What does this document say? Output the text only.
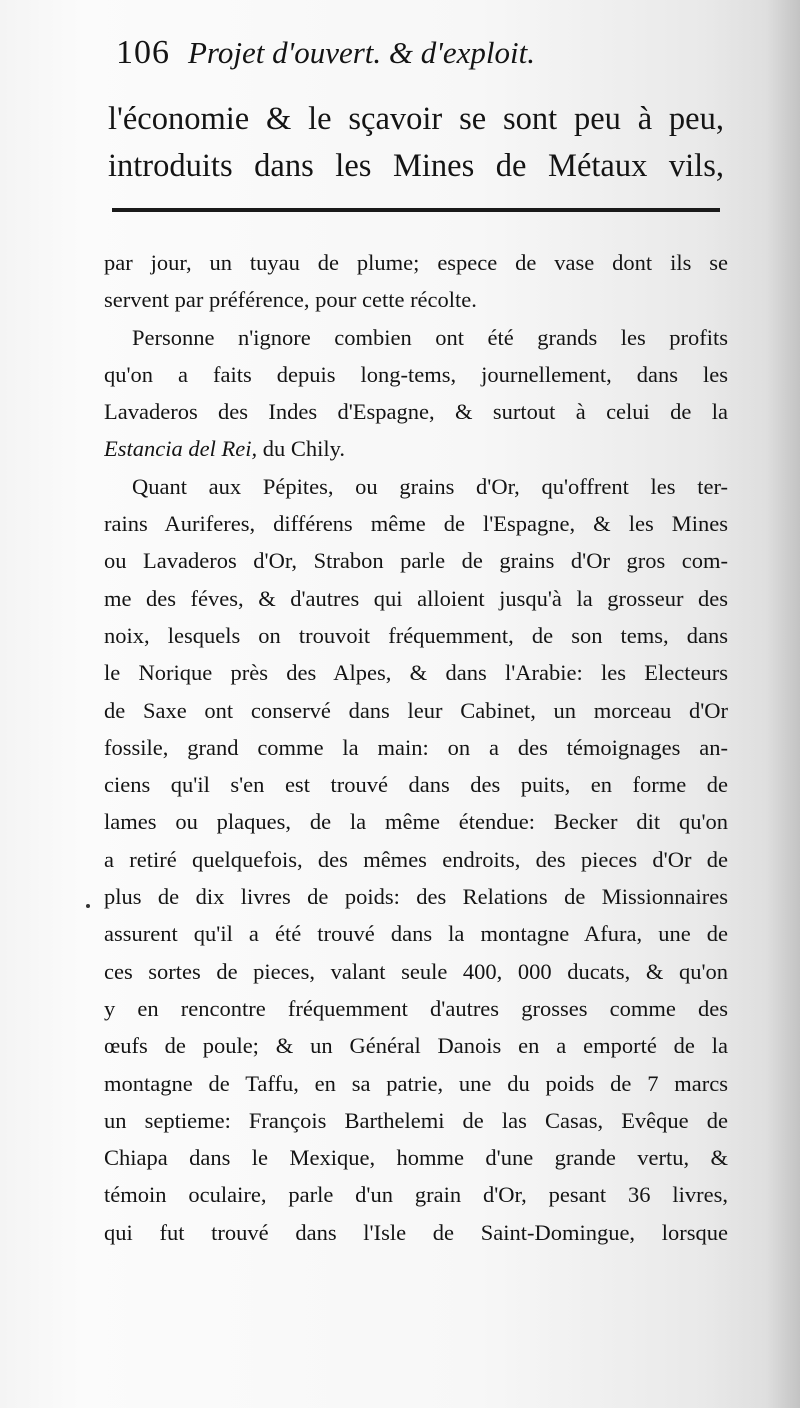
106 Projet d'ouvert. & d'exploit.
l'économie & le sçavoir se sont peu à peu,
introduits dans les Mines de Métaux vils,
par jour, un tuyau de plume; espece de vase dont ils se
servent par préférence, pour cette récolte.
Personne n'ignore combien ont été grands les profits
qu'on a faits depuis long-tems, journellement, dans les
Lavaderos des Indes d'Espagne, & surtout à celui de la
Estancia del Rei, du Chily.
Quant aux Pépites, ou grains d'Or, qu'offrent les ter-
rains Auriferes, différens même de l'Espagne, & les Mines
ou Lavaderos d'Or, Strabon parle de grains d'Or gros com-
me des féves, & d'autres qui alloient jusqu'à la grosseur des
noix, lesquels on trouvoit fréquemment, de son tems, dans
le Norique près des Alpes, & dans l'Arabie: les Electeurs
de Saxe ont conservé dans leur Cabinet, un morceau d'Or
fossile, grand comme la main: on a des témoignages an-
ciens qu'il s'en est trouvé dans des puits, en forme de
lames ou plaques, de la même étendue: Becker dit qu'on
a retiré quelquefois, des mêmes endroits, des pieces d'Or de
plus de dix livres de poids: des Relations de Missionnaires
assurent qu'il a été trouvé dans la montagne Afura, une de
ces sortes de pieces, valant seule 400, 000 ducats, & qu'on
y en rencontre fréquemment d'autres grosses comme des
œufs de poule; & un Général Danois en a emporté de la
montagne de Taffu, en sa patrie, une du poids de 7 marcs
un septieme: François Barthelemi de las Casas, Evêque de
Chiapa dans le Mexique, homme d'une grande vertu, &
témoin oculaire, parle d'un grain d'Or, pesant 36 livres,
qui fut trouvé dans l'Isle de Saint-Domingue, lorsque
